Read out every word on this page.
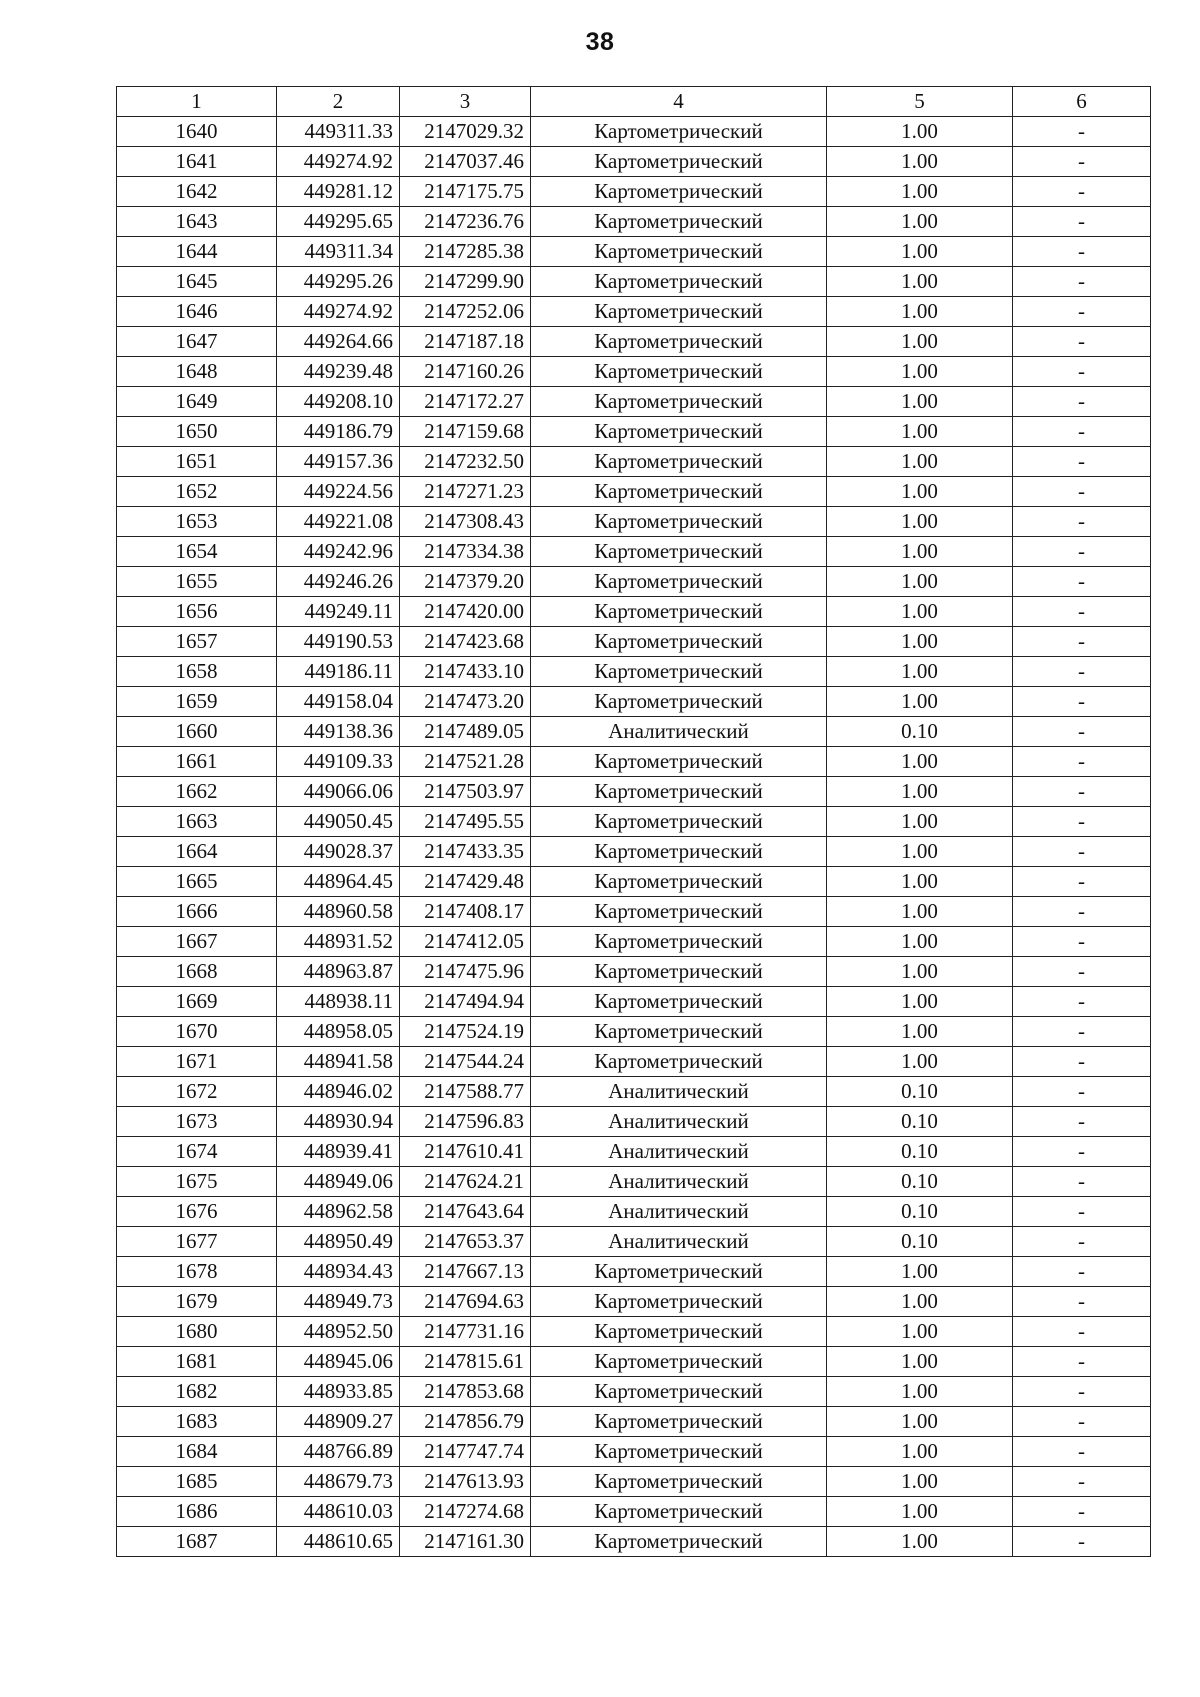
38
1	2	3	4	5	6
1640	449311.33	2147029.32	Картометрический	1.00	-
1641	449274.92	2147037.46	Картометрический	1.00	-
1642	449281.12	2147175.75	Картометрический	1.00	-
1643	449295.65	2147236.76	Картометрический	1.00	-
1644	449311.34	2147285.38	Картометрический	1.00	-
1645	449295.26	2147299.90	Картометрический	1.00	-
1646	449274.92	2147252.06	Картометрический	1.00	-
1647	449264.66	2147187.18	Картометрический	1.00	-
1648	449239.48	2147160.26	Картометрический	1.00	-
1649	449208.10	2147172.27	Картометрический	1.00	-
1650	449186.79	2147159.68	Картометрический	1.00	-
1651	449157.36	2147232.50	Картометрический	1.00	-
1652	449224.56	2147271.23	Картометрический	1.00	-
1653	449221.08	2147308.43	Картометрический	1.00	-
1654	449242.96	2147334.38	Картометрический	1.00	-
1655	449246.26	2147379.20	Картометрический	1.00	-
1656	449249.11	2147420.00	Картометрический	1.00	-
1657	449190.53	2147423.68	Картометрический	1.00	-
1658	449186.11	2147433.10	Картометрический	1.00	-
1659	449158.04	2147473.20	Картометрический	1.00	-
1660	449138.36	2147489.05	Аналитический	0.10	-
1661	449109.33	2147521.28	Картометрический	1.00	-
1662	449066.06	2147503.97	Картометрический	1.00	-
1663	449050.45	2147495.55	Картометрический	1.00	-
1664	449028.37	2147433.35	Картометрический	1.00	-
1665	448964.45	2147429.48	Картометрический	1.00	-
1666	448960.58	2147408.17	Картометрический	1.00	-
1667	448931.52	2147412.05	Картометрический	1.00	-
1668	448963.87	2147475.96	Картометрический	1.00	-
1669	448938.11	2147494.94	Картометрический	1.00	-
1670	448958.05	2147524.19	Картометрический	1.00	-
1671	448941.58	2147544.24	Картометрический	1.00	-
1672	448946.02	2147588.77	Аналитический	0.10	-
1673	448930.94	2147596.83	Аналитический	0.10	-
1674	448939.41	2147610.41	Аналитический	0.10	-
1675	448949.06	2147624.21	Аналитический	0.10	-
1676	448962.58	2147643.64	Аналитический	0.10	-
1677	448950.49	2147653.37	Аналитический	0.10	-
1678	448934.43	2147667.13	Картометрический	1.00	-
1679	448949.73	2147694.63	Картометрический	1.00	-
1680	448952.50	2147731.16	Картометрический	1.00	-
1681	448945.06	2147815.61	Картометрический	1.00	-
1682	448933.85	2147853.68	Картометрический	1.00	-
1683	448909.27	2147856.79	Картометрический	1.00	-
1684	448766.89	2147747.74	Картометрический	1.00	-
1685	448679.73	2147613.93	Картометрический	1.00	-
1686	448610.03	2147274.68	Картометрический	1.00	-
1687	448610.65	2147161.30	Картометрический	1.00	-
